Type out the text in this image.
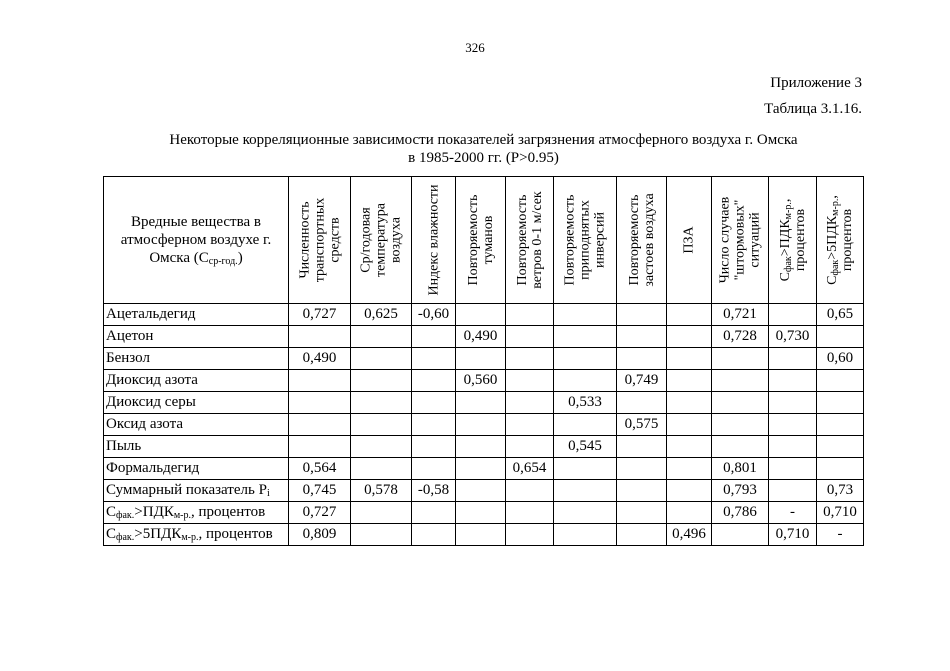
326
Приложение 3
Таблица 3.1.16.
Некоторые корреляционные зависимости показателей загрязнения атмосферного воздуха г. Омска
в 1985-2000 гг. (P>0.95)
Вредные вещества в атмосферном воздухе г. Омска $(С_{ср-год.})$	Численность транспортных средств	Ср/годовая температура воздуха	Индекс влажности	Повторяемость туманов	Повторяемость ветров 0-1 м/сек	Повторяемость приподнятых инверсий	Повторяемость застоев воздуха	ПЗА	Число случаев "штормовых" ситуаций	$С_{фак}>ПДК_{м-р.}$, процентов	$С_{фак}>5ПДК_{м-р.}$, процентов

Ацетальдегид	0,727	0,625	-0,60						0,721		0,65
Ацетон				0,490					0,728	0,730	
Бензол	0,490										0,60
Диоксид азота				0,560			0,749				
Диоксид серы						0,533					
Оксид азота							0,575				
Пыль						0,545					
Формальдегид	0,564				0,654				0,801		
Суммарный показатель $P_i$	0,745	0,578	-0,58						0,793		0,73
$С_{фак.}>ПДК_{м-р.}$, процентов	0,727								0,786	-	0,710
$С_{фак.}>5ПДК_{м-р.}$, процентов	0,809							0,496		0,710	-
